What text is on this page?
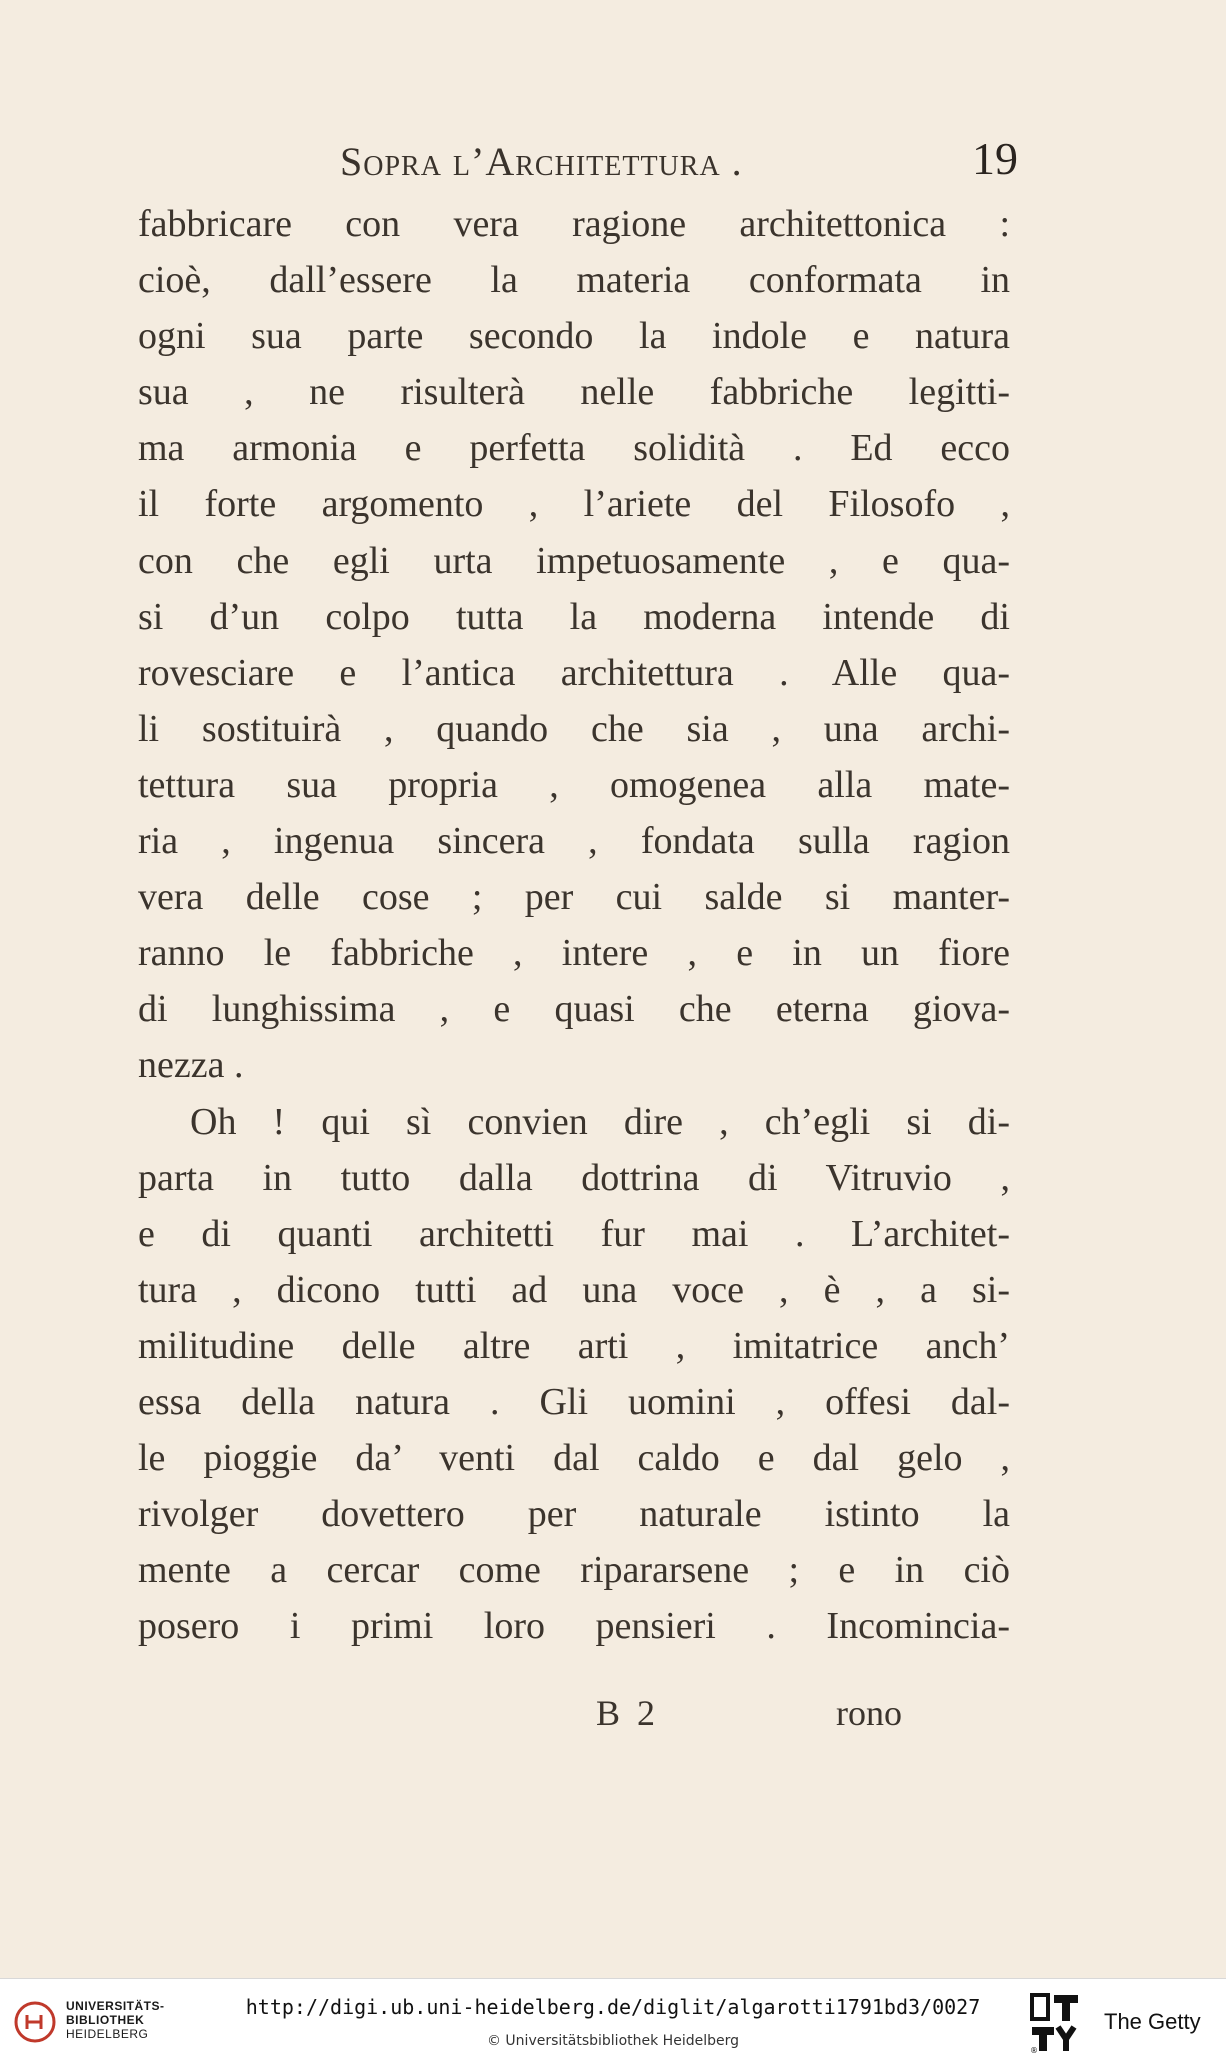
Sopra l’Architettura .	19
fabbricare con vera ragione architettonica :
cioè, dall’essere la materia conformata in
ogni sua parte secondo la indole e natura
sua , ne risulterà nelle fabbriche legitti-
ma armonia e perfetta solidità . Ed ecco
il forte argomento , l’ariete del Filosofo ,
con che egli urta impetuosamente , e qua-
si d’un colpo tutta la moderna intende di
rovesciare e l’antica architettura . Alle qua-
li sostituirà , quando che sia , una archi-
tettura sua propria , omogenea alla mate-
ria , ingenua sincera , fondata sulla ragion
vera delle cose ; per cui salde si manter-
ranno le fabbriche , intere , e in un fiore
di lunghissima , e quasi che eterna giova-
nezza .
Oh ! qui sì convien dire , ch’egli si di-
parta in tutto dalla dottrina di Vitruvio ,
e di quanti architetti fur mai . L’architet-
tura , dicono tutti ad una voce , è , a si-
militudine delle altre arti , imitatrice anch’
essa della natura . Gli uomini , offesi dal-
le pioggie da’ venti dal caldo e dal gelo ,
rivolger dovettero per naturale istinto la
mente a cercar come ripararsene ; e in ciò
posero i primi loro pensieri . Incomincia-
B 2	rono
UNIVERSITÄTS-
BIBLIOTHEK
HEIDELBERG
http://digi.ub.uni-heidelberg.de/diglit/algarotti1791bd3/0027
© Universitätsbibliothek Heidelberg
®
The Getty
